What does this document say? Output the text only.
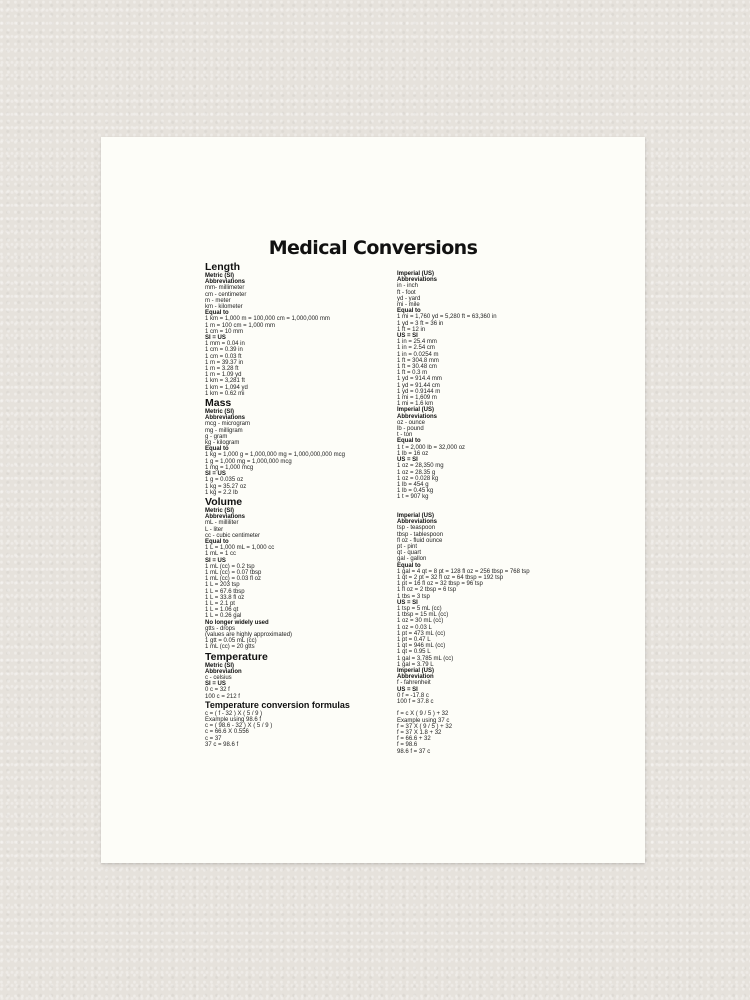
Medical Conversions
Length
Metric (SI)
Abbreviations
mm- millimeter
cm - centimeter
m - meter
km - kilometer
Equal to
1 km = 1,000 m = 100,000 cm = 1,000,000 mm
1 m = 100 cm = 1,000 mm
1 cm = 10 mm
SI = US
1 mm = 0.04 in
1 cm = 0.39 in
1 cm = 0.03 ft
1 m = 39.37 in
1 m = 3.28 ft
1 m = 1.09 yd
1 km = 3,281 ft
1 km = 1,094 yd
1 km = 0.62 mi
Mass
Metric (SI)
Abbreviations
mcg - microgram
mg - milligram
g - gram
kg - kilogram
Equal to
1 kg = 1,000 g = 1,000,000 mg = 1,000,000,000 mcg
1 g = 1,000 mg = 1,000,000 mcg
1 mg = 1,000 mcg
SI = US
1 g = 0.035 oz
1 kg = 35.27 oz
1 kg = 2.2 lb
Volume
Metric (SI)
Abbreviations
mL - milliliter
L - liter
cc - cubic centimeter
Equal to
1 L = 1,000 mL = 1,000 cc
1 mL = 1 cc
SI = US
1 mL (cc) = 0.2 tsp
1 mL (cc) = 0.07 tbsp
1 mL (cc) = 0.03 fl oz
1 L = 203 tsp
1 L = 67.6 tbsp
1 L = 33.8 fl oz
1 L = 2.1 pt
1 L = 1.06 qt
1 L = 0.26 gal
No longer widely used
gtts - drops
(values are highly approximated)
1 gtt = 0.05 mL (cc)
1 mL (cc) = 20 gtts
Temperature
Metric (SI)
Abbreviation
c - celsius
SI = US
0 c = 32 f
100 c = 212 f
Temperature conversion formulas
c = ( f - 32 ) X ( 5 / 9 )
Example using 98.6 f
c = ( 98.6 - 32 ) X ( 5 / 9 )
c = 66.6 X 0.556
c = 37
37 c = 98.6 f
Imperial (US)
Abbreviations
in - inch
ft - foot
yd - yard
mi - mile
Equal to
1 mi = 1,760 yd = 5,280 ft = 63,360 in
1 yd = 3 ft = 36 in
1 ft = 12 in
US = SI
1 in = 25.4 mm
1 in = 2.54 cm
1 in = 0.0254 m
1 ft = 304.8 mm
1 ft = 30.48 cm
1 ft = 0.3 m
1 yd = 914.4 mm
1 yd = 91.44 cm
1 yd = 0.9144 m
1 mi = 1,609 m
1 mi = 1.6 km
Imperial (US)
Abbreviations
oz - ounce
lb - pound
t - ton
Equal to
1 t = 2,000 lb = 32,000 oz
1 lb = 16 oz
US = SI
1 oz = 28,350 mg
1 oz = 28.35 g
1 oz = 0.028 kg
1 lb = 454 g
1 lb = 0.45 kg
1 t = 907 kg
Imperial (US)
Abbreviations
tsp - teaspoon
tbsp - tablespoon
fl oz - fluid ounce
pt - pint
qt - quart
gal - gallon
Equal to
1 gal = 4 qt = 8 pt = 128 fl oz = 256 tbsp = 768 tsp
1 qt = 2 pt = 32 fl oz = 64 tbsp = 192 tsp
1 pt = 16 fl oz = 32 tbsp = 96 tsp
1 fl oz = 2 tbsp = 6 tsp
1 tbs = 3 tsp
US = SI
1 tsp = 5 mL (cc)
1 tbsp = 15 mL (cc)
1 oz = 30 mL (cc)
1 oz = 0.03 L
1 pt = 473 mL (cc)
1 pt = 0.47 L
1 qt = 946 mL (cc)
1 qt = 0.95 L
1 gal = 3,785 mL (cc)
1 gal = 3.79 L
Imperial (US)
Abbreviation
f - fahrenheit
US = SI
0 f = -17.8 c
100 f = 37.8 c
f = c X ( 9 / 5 ) + 32
Example using 37 c
f = 37 X ( 9 / 5 ) + 32
f = 37 X 1.8 + 32
f = 66.6 + 32
f = 98.6
98.6 f = 37 c
